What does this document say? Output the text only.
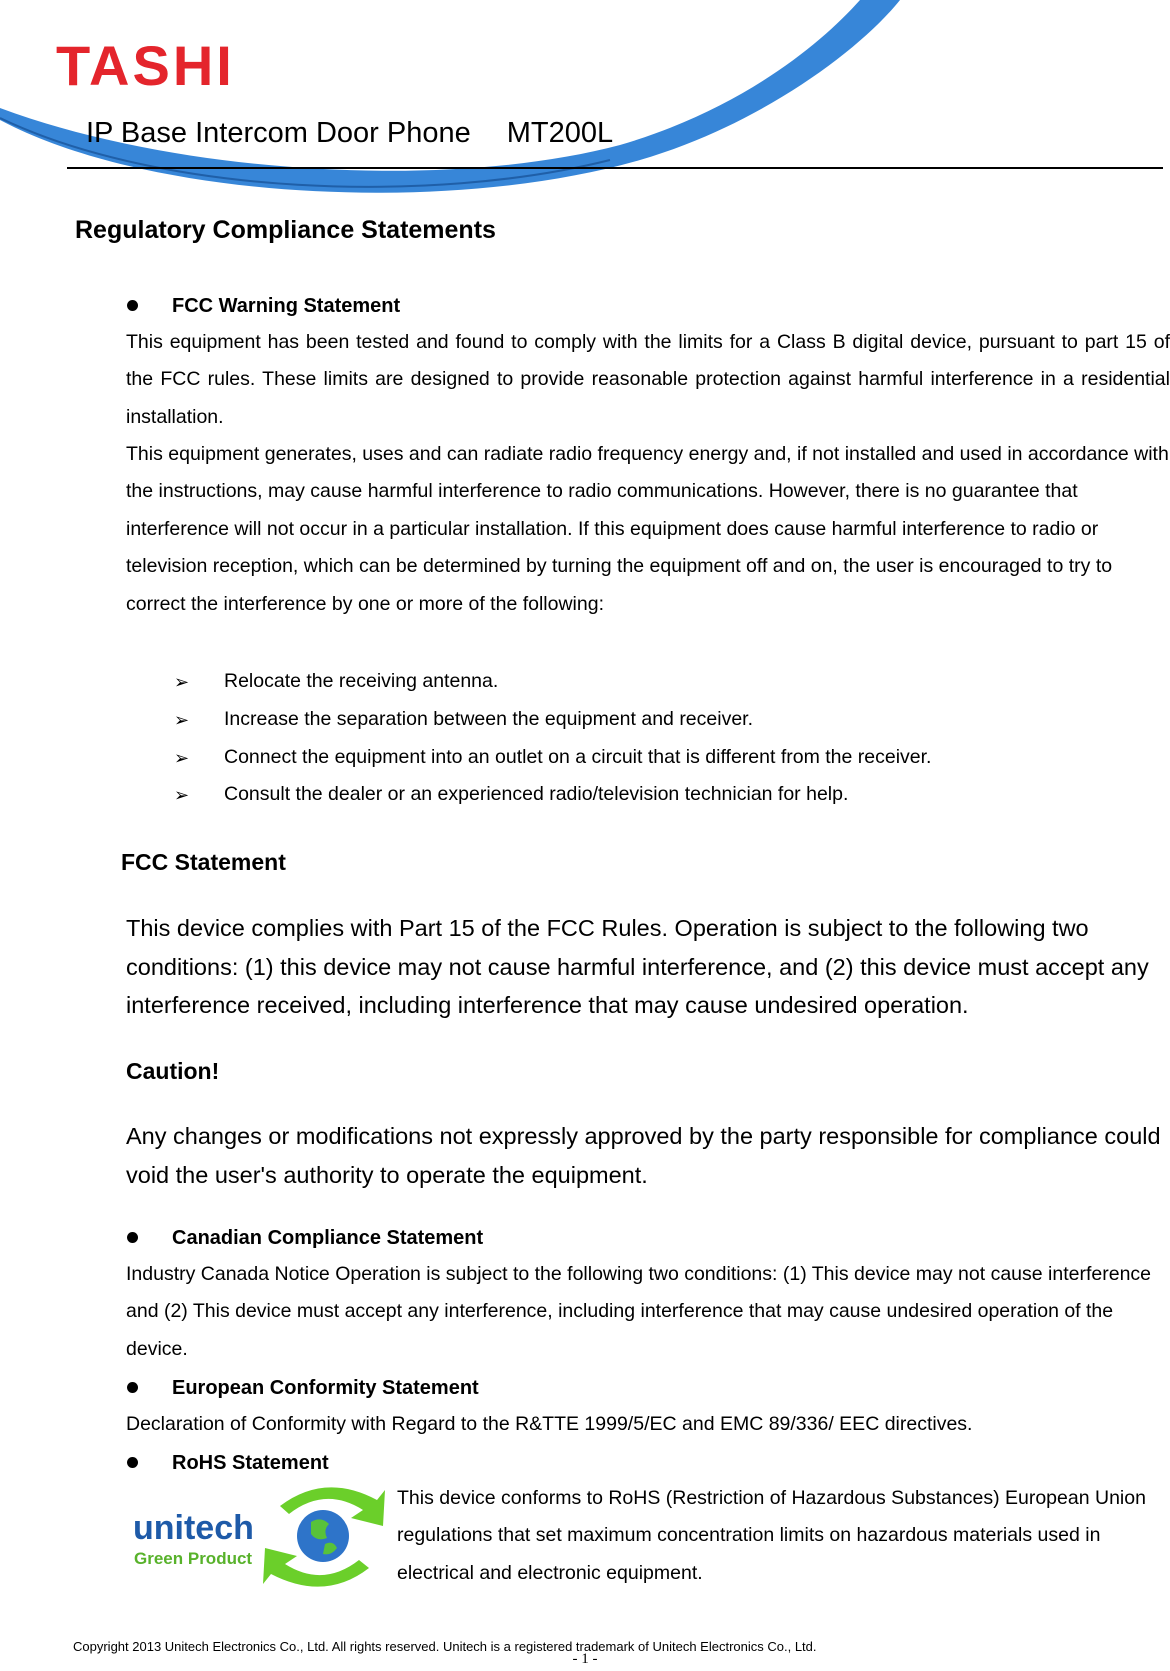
TASHI
IP Base Intercom Door Phone MT200L
Regulatory Compliance Statements
FCC Warning Statement
This equipment has been tested and found to comply with the limits for a Class B digital device, pursuant to part 15 of the FCC rules. These limits are designed to provide reasonable protection against harmful interference in a residential installation.
This equipment generates, uses and can radiate radio frequency energy and, if not installed and used in accordance with the instructions, may cause harmful interference to radio communications. However, there is no guarantee that interference will not occur in a particular installation. If this equipment does cause harmful interference to radio or television reception, which can be determined by turning the equipment off and on, the user is encouraged to try to correct the interference by one or more of the following:
➢ Relocate the receiving antenna.
➢ Increase the separation between the equipment and receiver.
➢ Connect the equipment into an outlet on a circuit that is different from the receiver.
➢ Consult the dealer or an experienced radio/television technician for help.
FCC Statement
This device complies with Part 15 of the FCC Rules. Operation is subject to the following two conditions: (1) this device may not cause harmful interference, and (2) this device must accept any interference received, including interference that may cause undesired operation.
Caution!
Any changes or modifications not expressly approved by the party responsible for compliance could void the user's authority to operate the equipment.
Canadian Compliance Statement
Industry Canada Notice Operation is subject to the following two conditions: (1) This device may not cause interference and (2) This device must accept any interference, including interference that may cause undesired operation of the device.
European Conformity Statement
Declaration of Conformity with Regard to the R&TTE 1999/5/EC and EMC 89/336/ EEC directives.
RoHS Statement
unitech
Green Product
This device conforms to RoHS (Restriction of Hazardous Substances) European Union regulations that set maximum concentration limits on hazardous materials used in electrical and electronic equipment.
Copyright 2013 Unitech Electronics Co., Ltd. All rights reserved. Unitech is a registered trademark of Unitech Electronics Co., Ltd.
- 1 -
